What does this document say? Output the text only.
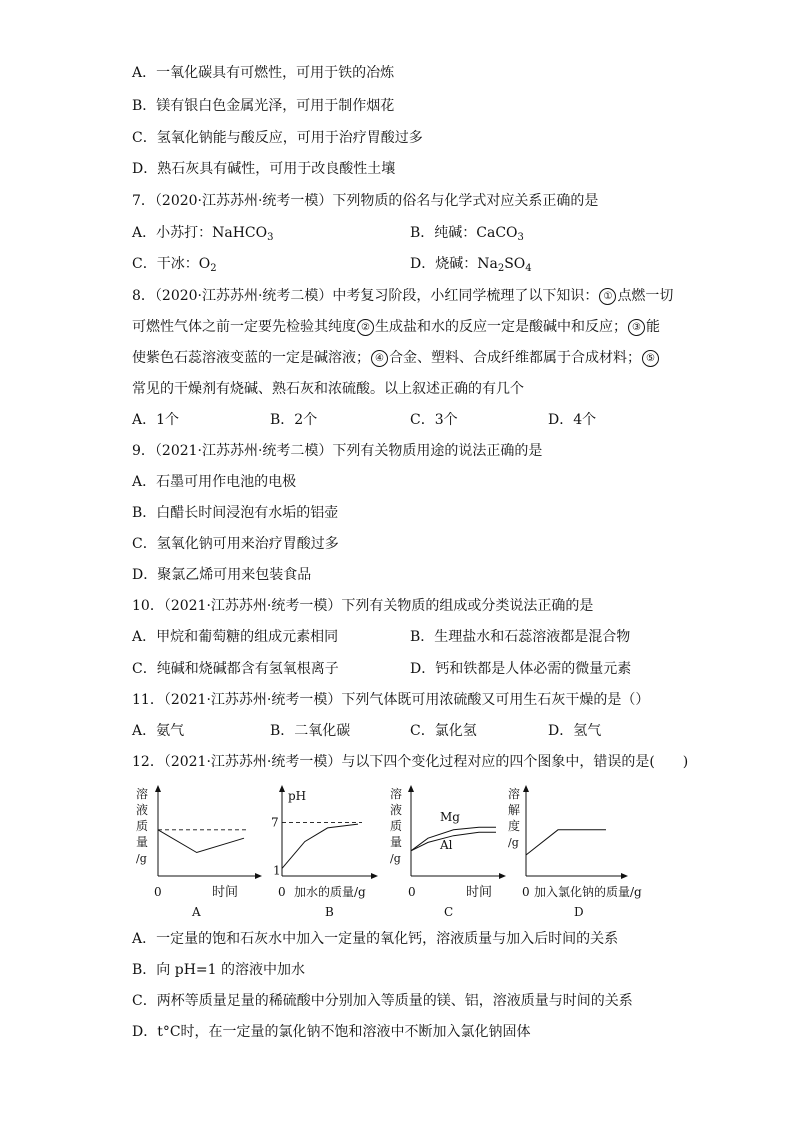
A．一氧化碳具有可燃性，可用于铁的冶炼
B．镁有银白色金属光泽，可用于制作烟花
C．氢氧化钠能与酸反应，可用于治疗胃酸过多
D．熟石灰具有碱性，可用于改良酸性土壤
7．（2020·江苏苏州·统考一模）下列物质的俗名与化学式对应关系正确的是
A．小苏打：NaHCO$_3$	B．纯碱：CaCO$_3$
C．干冰：$O_2$	D．烧碱：$Na_2SO_4$
8．（2020·江苏苏州·统考二模）中考复习阶段，小红同学梳理了以下知识： ① 点燃一切
可燃性气体之前一定要先检验其纯度 ② 生成盐和水的反应一定是酸碱中和反应； ③ 能
使紫色石蕊溶液变蓝的一定是碱溶液； ④ 合金、塑料、合成纤维都属于合成材料； ⑤
常见的干燥剂有烧碱、熟石灰和浓硫酸。以上叙述正确的有几个
A．1个	B．2个	C．3个	D．4个
9．（2021·江苏苏州·统考二模）下列有关物质用途的说法正确的是
A．石墨可用作电池的电极
B．白醋长时间浸泡有水垢的铝壶
C．氢氧化钠可用来治疗胃酸过多
D．聚氯乙烯可用来包装食品
10．（2021·江苏苏州·统考一模）下列有关物质的组成或分类说法正确的是
A．甲烷和葡萄糖的组成元素相同	B．生理盐水和石蕊溶液都是混合物
C．纯碱和烧碱都含有氢氧根离子	D．钙和铁都是人体必需的微量元素
11．（2021·江苏苏州·统考一模）下列气体既可用浓硫酸又可用生石灰干燥的是（）
A．氨气	B．二氧化碳	C．氯化氢	D．氢气
12．（2021·江苏苏州·统考一模）与以下四个变化过程对应的四个图象中，错误的是(　　)
溶
液
质
量
/g
0	时间
A
pH
7
1
0 加水的质量/g
B
溶
液
质
量
/g
Mg
Al
0	时间
C
溶
解
度
/g
0 加入氯化钠的质量/g
D
A．一定量的饱和石灰水中加入一定量的氧化钙，溶液质量与加入后时间的关系
B．向 pH=1 的溶液中加水
C．两杯等质量足量的稀硫酸中分别加入等质量的镁、铝，溶液质量与时间的关系
D．t°C时，在一定量的氯化钠不饱和溶液中不断加入氯化钠固体
